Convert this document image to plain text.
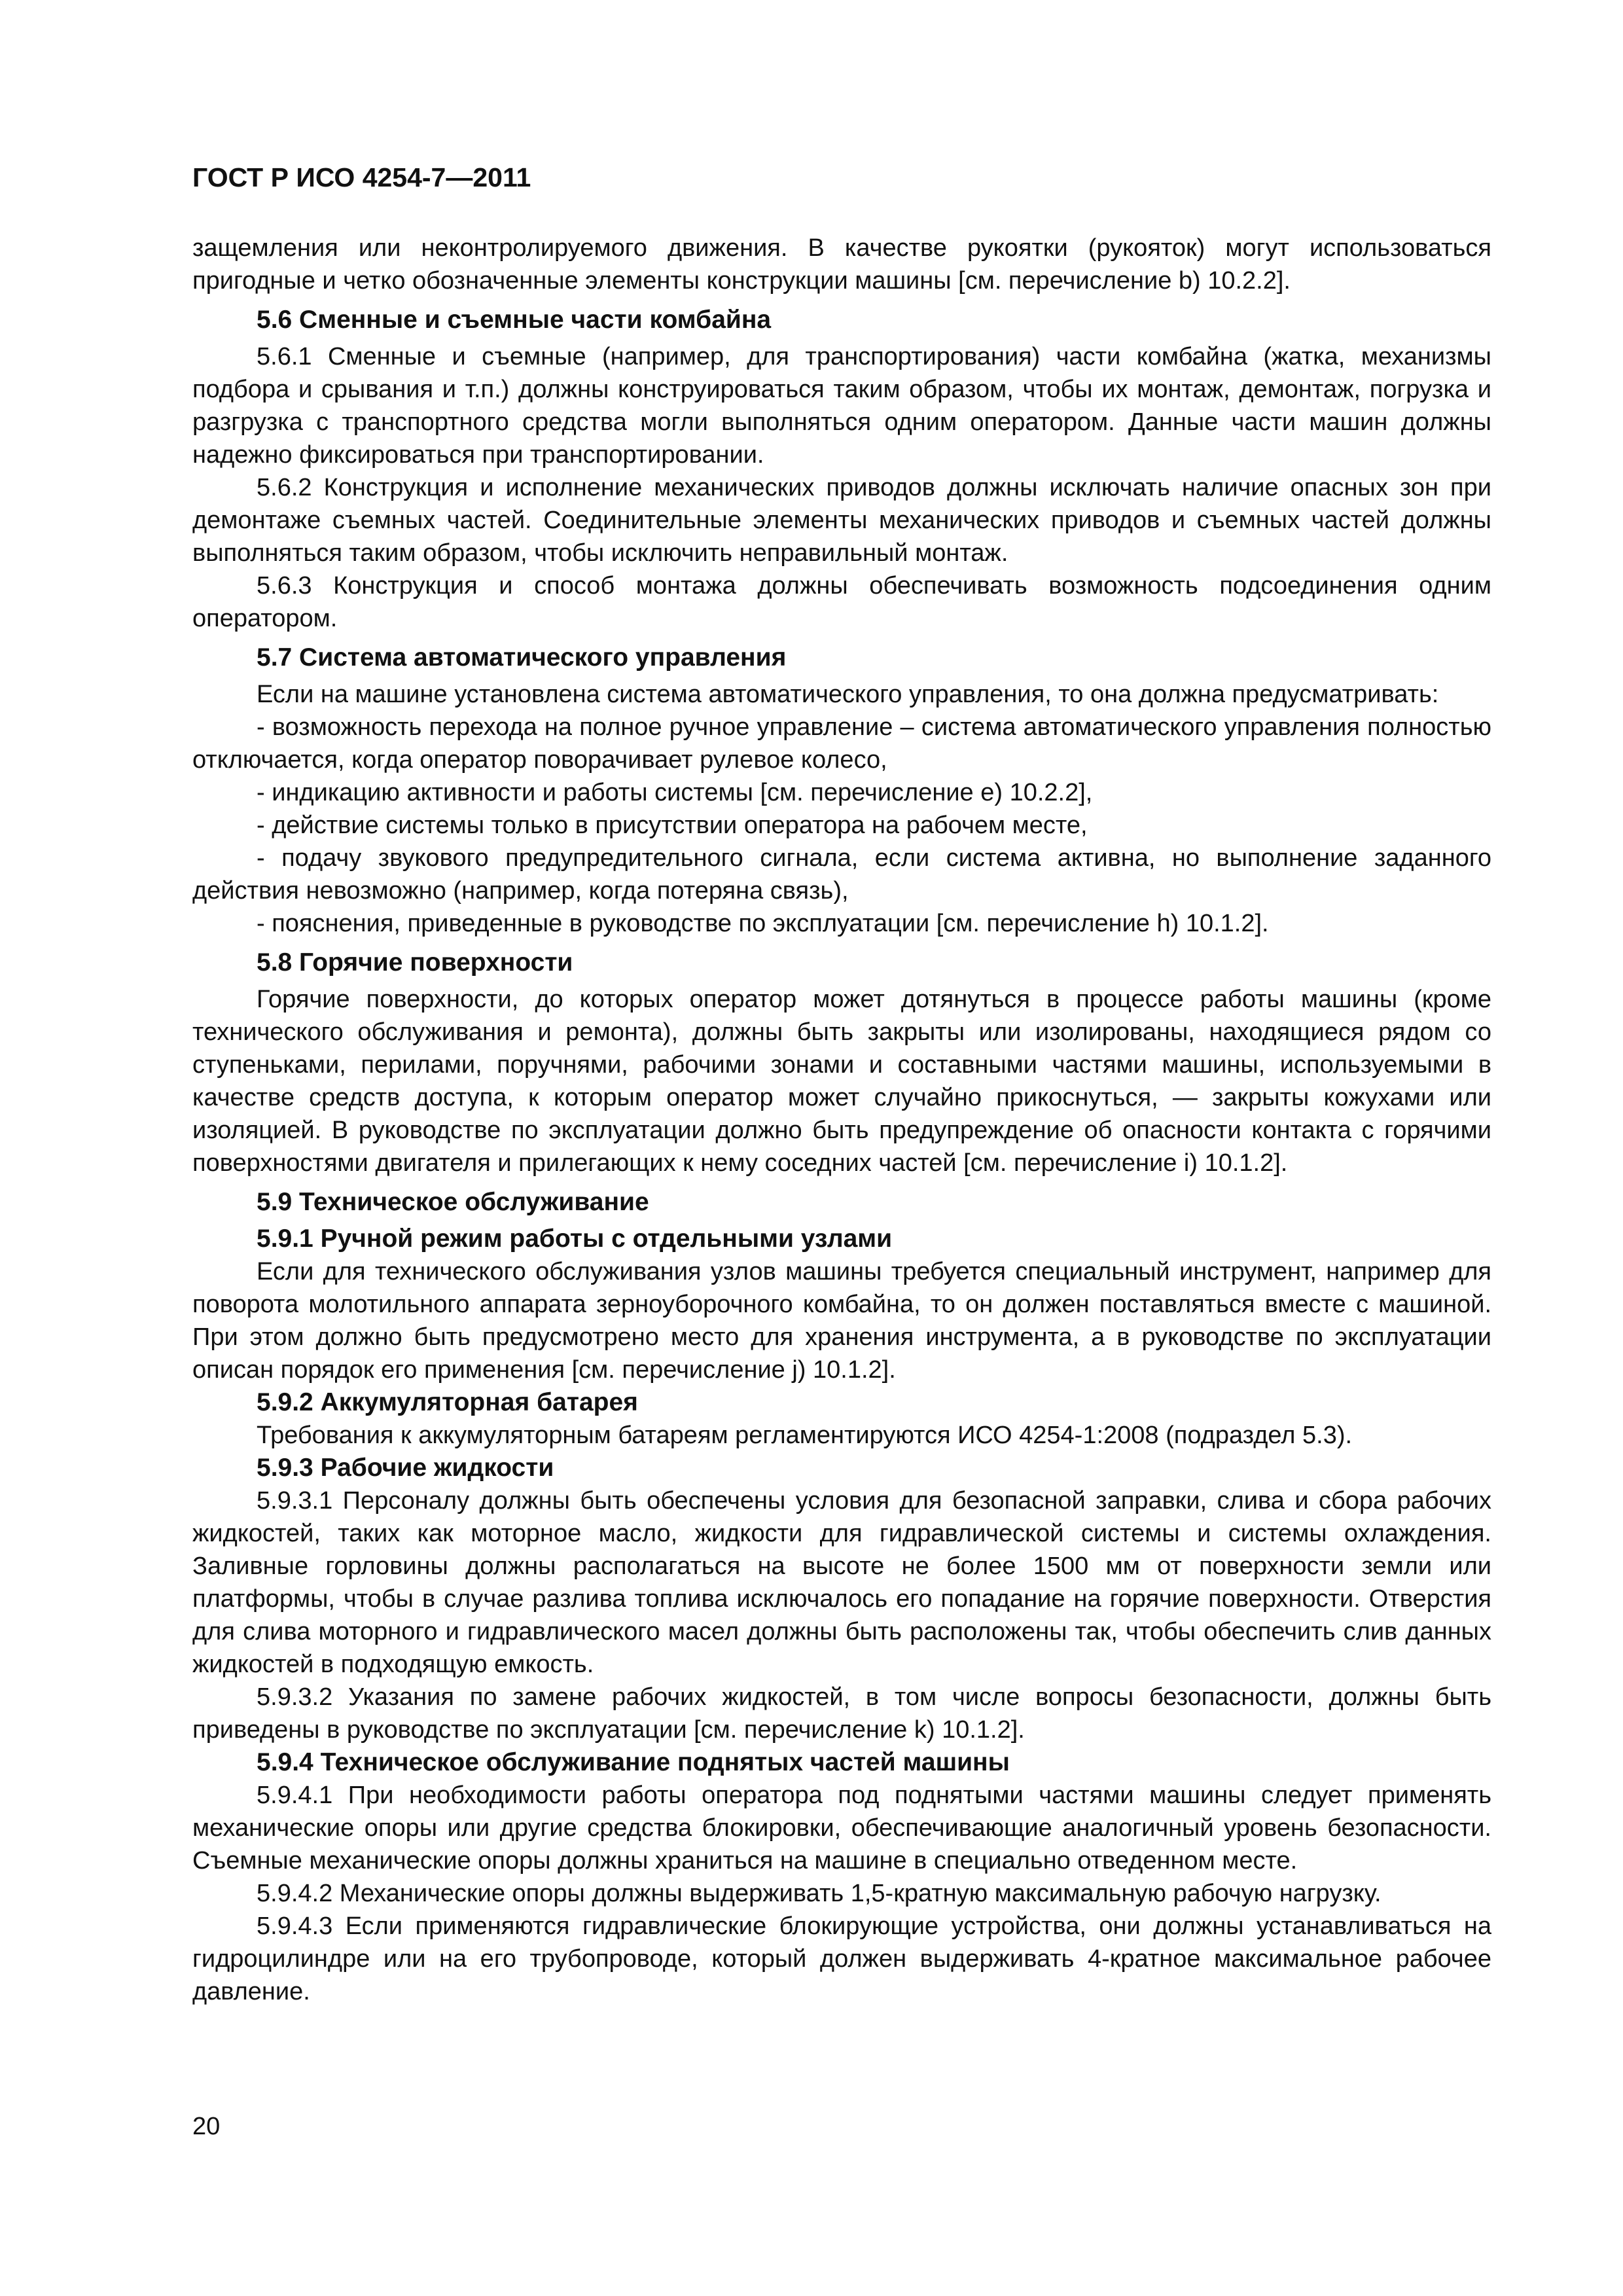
ГОСТ Р ИСО 4254-7—2011

защемления или неконтролируемого движения. В качестве рукоятки (рукояток) могут использоваться пригодные и четко обозначенные элементы конструкции машины [см. перечисление b) 10.2.2].

5.6 Сменные и съемные части комбайна

5.6.1 Сменные и съемные (например, для транспортирования) части комбайна (жатка, механизмы подбора и срывания и т.п.) должны конструироваться таким образом, чтобы их монтаж, демонтаж, погрузка и разгрузка с транспортного средства могли выполняться одним оператором. Данные части машин должны надежно фиксироваться при транспортировании.

5.6.2 Конструкция и исполнение механических приводов должны исключать наличие опасных зон при демонтаже съемных частей. Соединительные элементы механических приводов и съемных частей должны выполняться таким образом, чтобы исключить неправильный монтаж.

5.6.3 Конструкция и способ монтажа должны обеспечивать возможность подсоединения одним оператором.

5.7 Система автоматического управления

Если на машине установлена система автоматического управления, то она должна предусматривать:

- возможность перехода на полное ручное управление – система автоматического управления полностью отключается, когда оператор поворачивает рулевое колесо,

- индикацию активности и работы системы [см. перечисление е) 10.2.2],

- действие системы только в присутствии оператора на рабочем месте,

- подачу звукового предупредительного сигнала, если система активна, но выполнение заданного действия невозможно (например, когда потеряна связь),

- пояснения, приведенные в руководстве по эксплуатации [см. перечисление h) 10.1.2].

5.8 Горячие поверхности

Горячие поверхности, до которых оператор может дотянуться в процессе работы машины (кроме технического обслуживания и ремонта), должны быть закрыты или изолированы, находящиеся рядом со ступеньками, перилами, поручнями, рабочими зонами и составными частями машины, используемыми в качестве средств доступа, к которым оператор может случайно прикоснуться, — закрыты кожухами или изоляцией. В руководстве по эксплуатации должно быть предупреждение об опасности контакта с горячими поверхностями двигателя и прилегающих к нему соседних частей [см. перечисление i) 10.1.2].

5.9 Техническое обслуживание
5.9.1 Ручной режим работы с отдельными узлами

Если для технического обслуживания узлов машины требуется специальный инструмент, например для поворота молотильного аппарата зерноуборочного комбайна, то он должен поставляться вместе с машиной. При этом должно быть предусмотрено место для хранения инструмента, а в руководстве по эксплуатации описан порядок его применения [см. перечисление j) 10.1.2].

5.9.2 Аккумуляторная батарея

Требования к аккумуляторным батареям регламентируются ИСО 4254-1:2008 (подраздел 5.3).

5.9.3 Рабочие жидкости

5.9.3.1 Персоналу должны быть обеспечены условия для безопасной заправки, слива и сбора рабочих жидкостей, таких как моторное масло, жидкости для гидравлической системы и системы охлаждения. Заливные горловины должны располагаться на высоте не более 1500 мм от поверхности земли или платформы, чтобы в случае разлива топлива исключалось его попадание на горячие поверхности. Отверстия для слива моторного и гидравлического масел должны быть расположены так, чтобы обеспечить слив данных жидкостей в подходящую емкость.

5.9.3.2 Указания по замене рабочих жидкостей, в том числе вопросы безопасности, должны быть приведены в руководстве по эксплуатации [см. перечисление k) 10.1.2].

5.9.4 Техническое обслуживание поднятых частей машины

5.9.4.1 При необходимости работы оператора под поднятыми частями машины следует применять механические опоры или другие средства блокировки, обеспечивающие аналогичный уровень безопасности. Съемные механические опоры должны храниться на машине в специально отведенном месте.

5.9.4.2 Механические опоры должны выдерживать 1,5-кратную максимальную рабочую нагрузку.

5.9.4.3 Если применяются гидравлические блокирующие устройства, они должны устанавливаться на гидроцилиндре или на его трубопроводе, который должен выдерживать 4-кратное максимальное рабочее давление.

20
